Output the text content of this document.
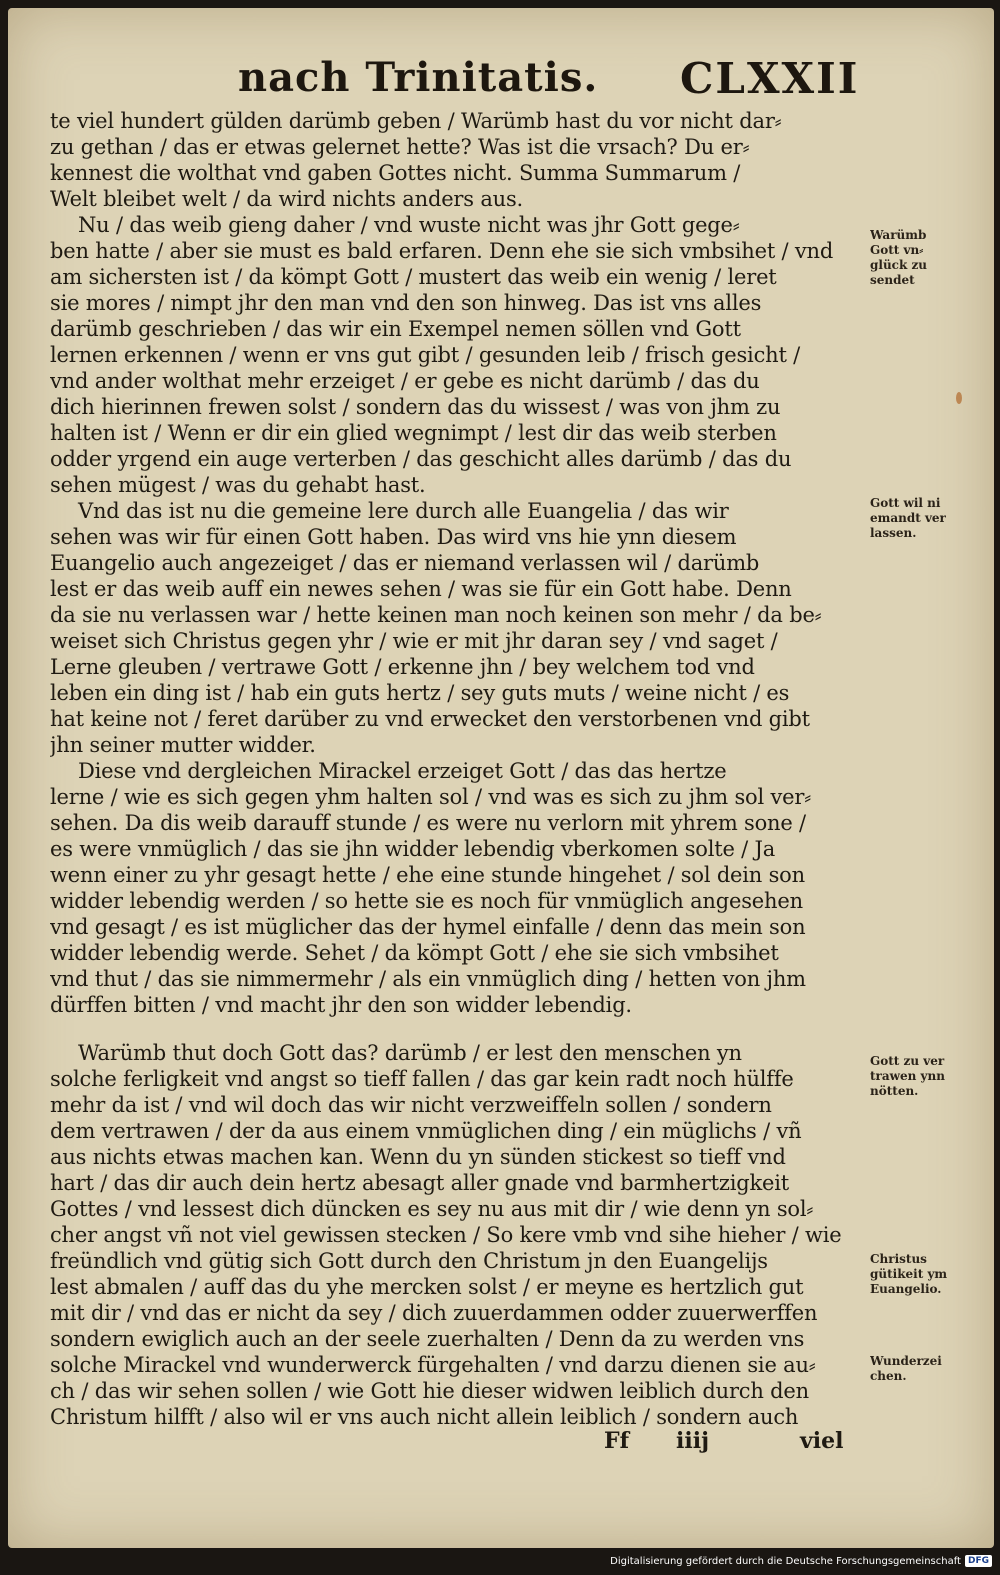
nach Trinitatis. CLXXII
te viel hundert gülden darümb geben / Warümb hast du vor nicht dar⸗
zu gethan / das er etwas gelernet hette? Was ist die vrsach? Du er⸗
kennest die wolthat vnd gaben Gottes nicht. Summa Summarum /
Welt bleibet welt / da wird nichts anders aus.
Nu / das weib gieng daher / vnd wuste nicht was jhr Gott gege⸗
ben hatte / aber sie must es bald erfaren. Denn ehe sie sich vmbsihet / vnd
am sichersten ist / da kömpt Gott / mustert das weib ein wenig / leret
sie mores / nimpt jhr den man vnd den son hinweg. Das ist vns alles
darümb geschrieben / das wir ein Exempel nemen söllen vnd Gott
lernen erkennen / wenn er vns gut gibt / gesunden leib / frisch gesicht /
vnd ander wolthat mehr erzeiget / er gebe es nicht darümb / das du
dich hierinnen frewen solst / sondern das du wissest / was von jhm zu
halten ist / Wenn er dir ein glied wegnimpt / lest dir das weib sterben
odder yrgend ein auge verterben / das geschicht alles darümb / das du
sehen mügest / was du gehabt hast.
Vnd das ist nu die gemeine lere durch alle Euangelia / das wir
sehen was wir für einen Gott haben. Das wird vns hie ynn diesem
Euangelio auch angezeiget / das er niemand verlassen wil / darümb
lest er das weib auff ein newes sehen / was sie für ein Gott habe. Denn
da sie nu verlassen war / hette keinen man noch keinen son mehr / da be⸗
weiset sich Christus gegen yhr / wie er mit jhr daran sey / vnd saget /
Lerne gleuben / vertrawe Gott / erkenne jhn / bey welchem tod vnd
leben ein ding ist / hab ein guts hertz / sey guts muts / weine nicht / es
hat keine not / feret darüber zu vnd erwecket den verstorbenen vnd gibt
jhn seiner mutter widder.
Diese vnd dergleichen Mirackel erzeiget Gott / das das hertze
lerne / wie es sich gegen yhm halten sol / vnd was es sich zu jhm sol ver⸗
sehen. Da dis weib darauff stunde / es were nu verlorn mit yhrem sone /
es were vnmüglich / das sie jhn widder lebendig vberkomen solte / Ja
wenn einer zu yhr gesagt hette / ehe eine stunde hingehet / sol dein son
widder lebendig werden / so hette sie es noch für vnmüglich angesehen
vnd gesagt / es ist müglicher das der hymel einfalle / denn das mein son
widder lebendig werde. Sehet / da kömpt Gott / ehe sie sich vmbsihet
vnd thut / das sie nimmermehr / als ein vnmüglich ding / hetten von jhm
dürffen bitten / vnd macht jhr den son widder lebendig.
Warümb thut doch Gott das? darümb / er lest den menschen yn
solche ferligkeit vnd angst so tieff fallen / das gar kein radt noch hülffe
mehr da ist / vnd wil doch das wir nicht verzweiffeln sollen / sondern
dem vertrawen / der da aus einem vnmüglichen ding / ein müglichs / vñ
aus nichts etwas machen kan. Wenn du yn sünden stickest so tieff vnd
hart / das dir auch dein hertz abesagt aller gnade vnd barmhertzigkeit
Gottes / vnd lessest dich düncken es sey nu aus mit dir / wie denn yn sol⸗
cher angst vñ not viel gewissen stecken / So kere vmb vnd sihe hieher / wie
freündlich vnd gütig sich Gott durch den Christum jn den Euangelijs
lest abmalen / auff das du yhe mercken solst / er meyne es hertzlich gut
mit dir / vnd das er nicht da sey / dich zuuerdammen odder zuuerwerffen
sondern ewiglich auch an der seele zuerhalten / Denn da zu werden vns
solche Mirackel vnd wunderwerck fürgehalten / vnd darzu dienen sie au⸗
ch / das wir sehen sollen / wie Gott hie dieser widwen leiblich durch den
Christum hilfft / also wil er vns auch nicht allein leiblich / sondern auch
Warümb
Gott vn⸗
glück zu
sendet
Gott wil ni
emandt ver
lassen.
Gott zu ver
trawen ynn
nötten.
Christus
gütikeit ym
Euangelio.
Wunderzei
chen.
Ff iiij	viel
Digitalisierung gefördert durch die Deutsche Forschungsgemeinschaft DFG
